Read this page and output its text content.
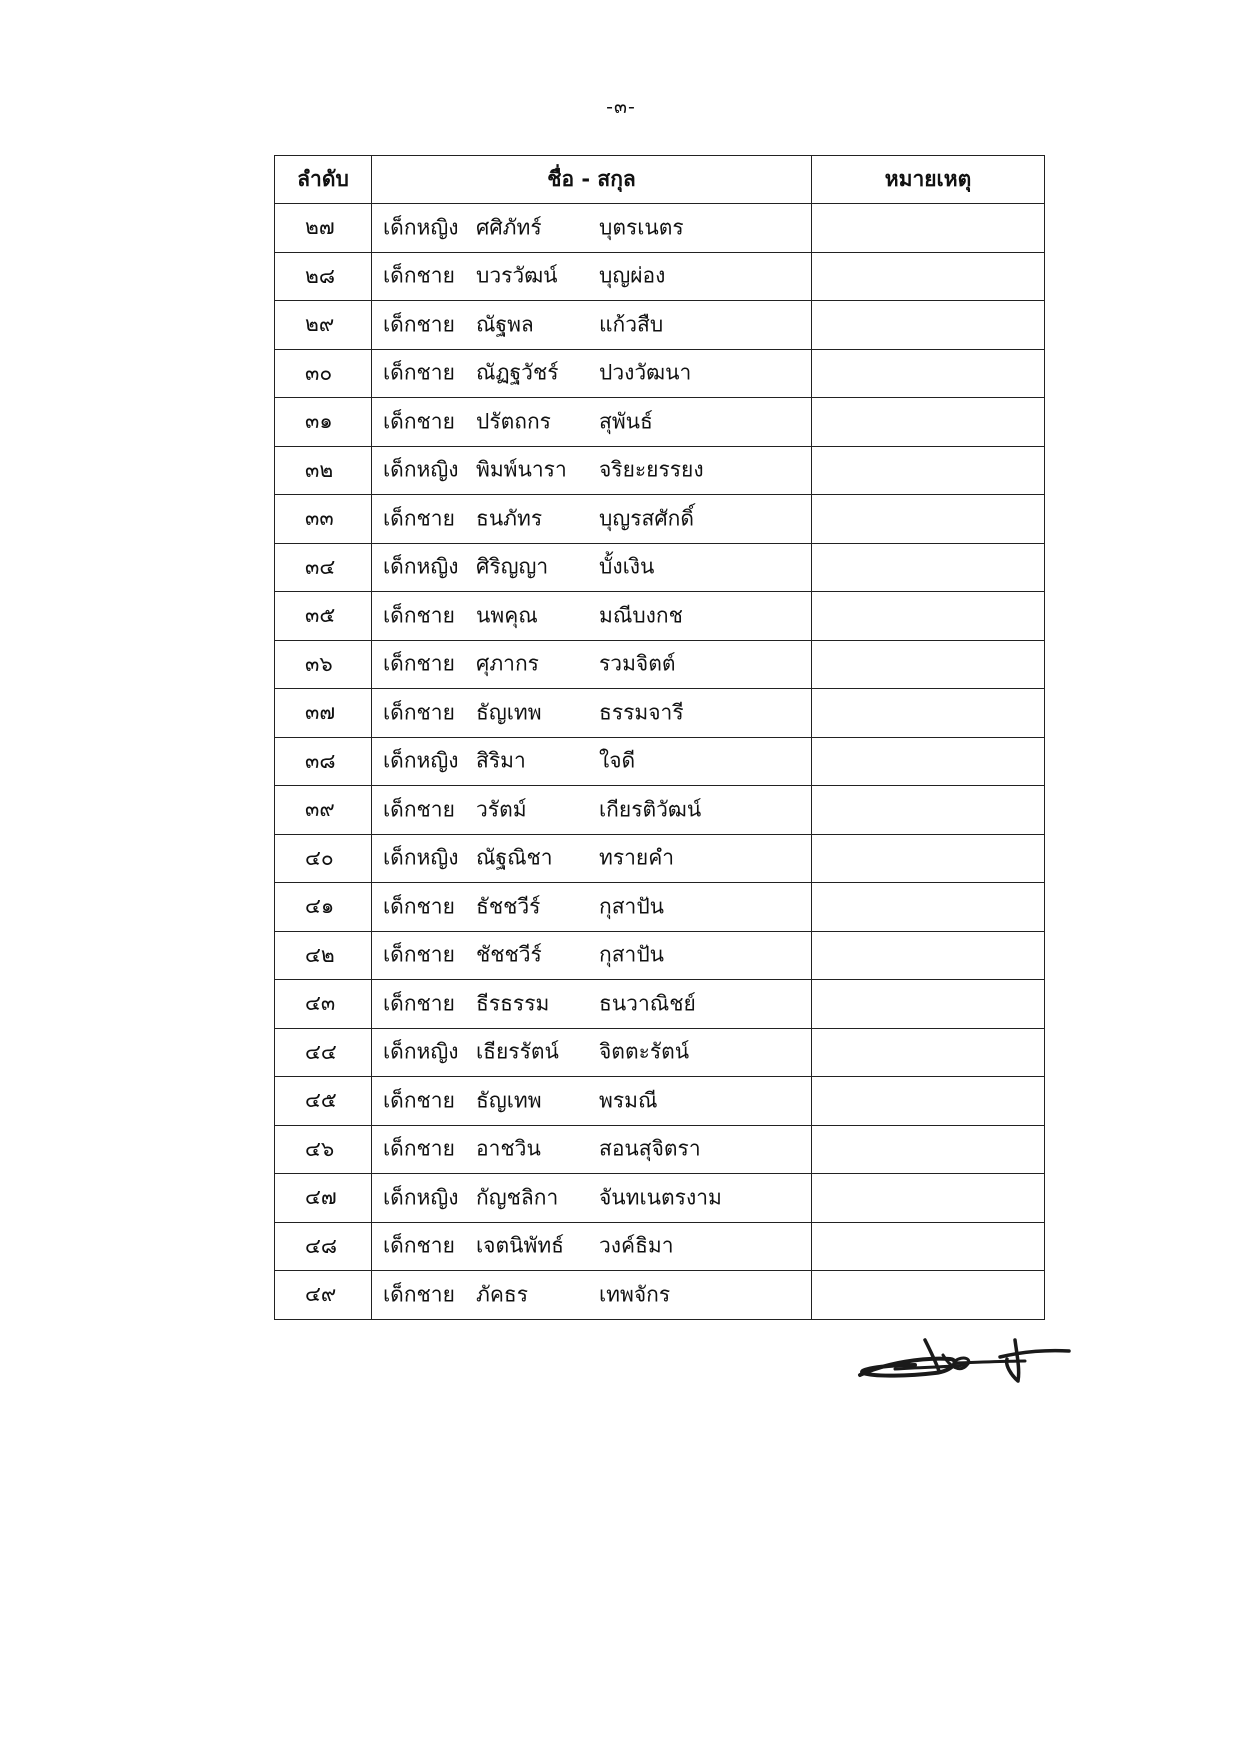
-๓-
ลำดับ	ชื่อ - สกุล	หมายเหตุ
๒๗	เด็กหญิง ศศิภัทร์ บุตรเนตร	

๒๘	เด็กชาย บวรวัฒน์ บุญผ่อง	

๒๙	เด็กชาย ณัฐพล แก้วสืบ	

๓๐	เด็กชาย ณัฏฐวัชร์ ปวงวัฒนา	

๓๑	เด็กชาย ปรัตถกร สุพันธ์	

๓๒	เด็กหญิง พิมพ์นารา จริยะยรรยง	

๓๓	เด็กชาย ธนภัทร บุญรสศักดิ์	

๓๔	เด็กหญิง ศิริญญา บั้งเงิน	

๓๕	เด็กชาย นพคุณ มณีบงกช	

๓๖	เด็กชาย ศุภากร รวมจิตต์	

๓๗	เด็กชาย ธัญเทพ ธรรมจารี	

๓๘	เด็กหญิง สิริมา ใจดี	

๓๙	เด็กชาย วรัตม์ เกียรติวัฒน์	

๔๐	เด็กหญิง ณัฐณิชา ทรายคำ	

๔๑	เด็กชาย ธัชชวีร์ กุสาปัน	

๔๒	เด็กชาย ชัชชวีร์ กุสาปัน	

๔๓	เด็กชาย ธีรธรรม ธนวาณิชย์	

๔๔	เด็กหญิง เธียรรัตน์ จิตตะรัตน์	

๔๕	เด็กชาย ธัญเทพ พรมณี	

๔๖	เด็กชาย อาชวิน สอนสุจิตรา	

๔๗	เด็กหญิง กัญชลิกา จันทเนตรงาม	

๔๘	เด็กชาย เจตนิพัทธ์ วงค์ธิมา	

๔๙	เด็กชาย ภัคธร เทพจักร	
